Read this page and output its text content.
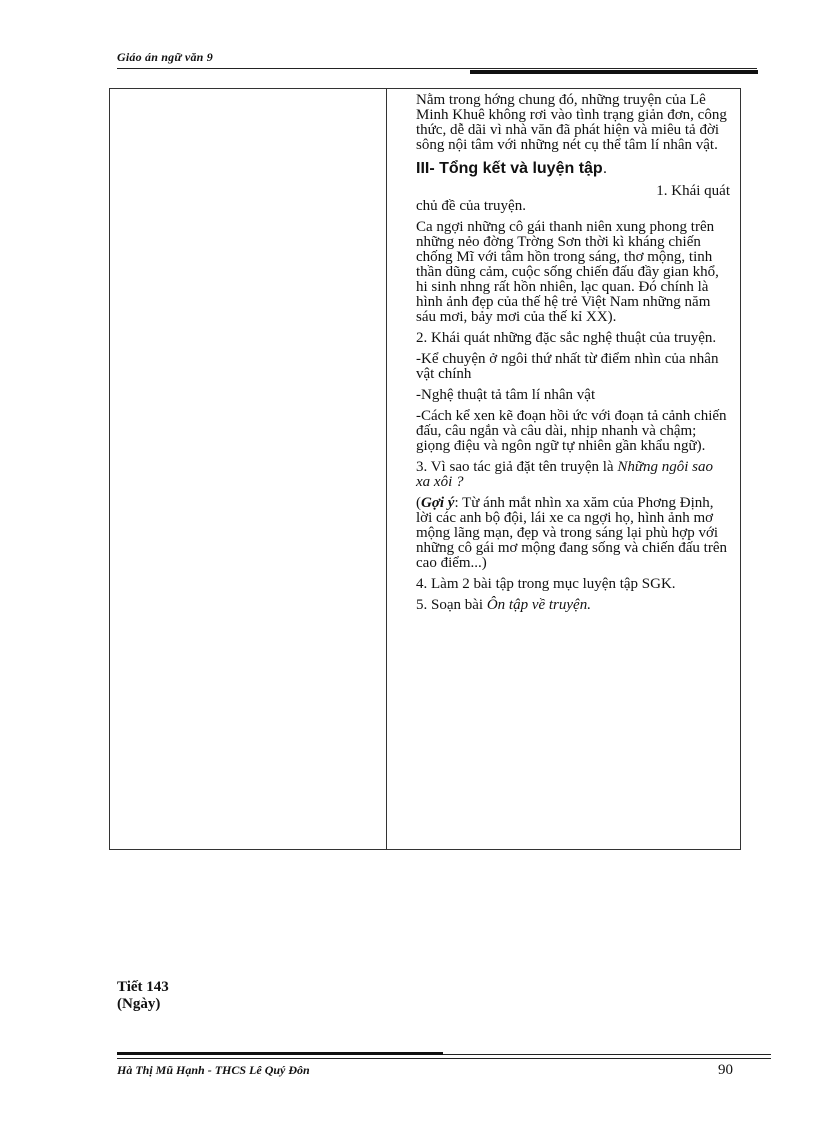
Giáo án ngữ văn 9

Nằm trong hớng chung đó, những truyện của Lê Minh Khuê không rơi vào tình trạng giản đơn, công thức, dễ dãi vì nhà văn đã phát hiện và miêu tả đời sông nội tâm với những nét cụ thể tâm lí nhân vật.

III- Tổng kết và luyện tập.

1. Khái quát
chủ đề của truyện.

Ca ngợi những cô gái thanh niên xung phong trên những nẻo đờng Trờng Sơn thời kì kháng chiến chống Mĩ với tâm hồn trong sáng, thơ mộng, tinh thần dũng cảm, cuộc sống chiến đấu đầy gian khổ, hi sinh nhng rất hồn nhiên, lạc quan. Đó chính là hình ảnh đẹp của thế hệ trẻ Việt Nam những năm sáu mơi, bảy mơi của thế kỉ XX).

2. Khái quát những đặc sắc nghệ thuật của truyện.

-Kể chuyện ở ngôi thứ nhất từ điểm nhìn của nhân vật chính

-Nghệ thuật tả tâm lí nhân vật

-Cách kể xen kẽ đoạn hồi ức với đoạn tả cảnh chiến đấu, câu ngắn và câu dài, nhịp nhanh và chậm; giọng điệu và ngôn ngữ tự nhiên gần khẩu ngữ).

3. Vì sao tác giả đặt tên truyện là Những ngôi sao xa xôi ?

(Gợi ý: Từ ánh mắt nhìn xa xăm của Phơng Định, lời các anh bộ đội, lái xe ca ngợi họ, hình ảnh mơ mộng lãng mạn, đẹp và trong sáng lại phù hợp với những cô gái mơ mộng đang sống và chiến đấu trên cao điểm...)

4. Làm 2 bài tập trong mục luyện tập SGK.

5. Soạn bài Ôn tập về truyện.

Tiết 143
(Ngày)
Hà Thị Mũ Hạnh - THCS Lê Quý Đôn	90
